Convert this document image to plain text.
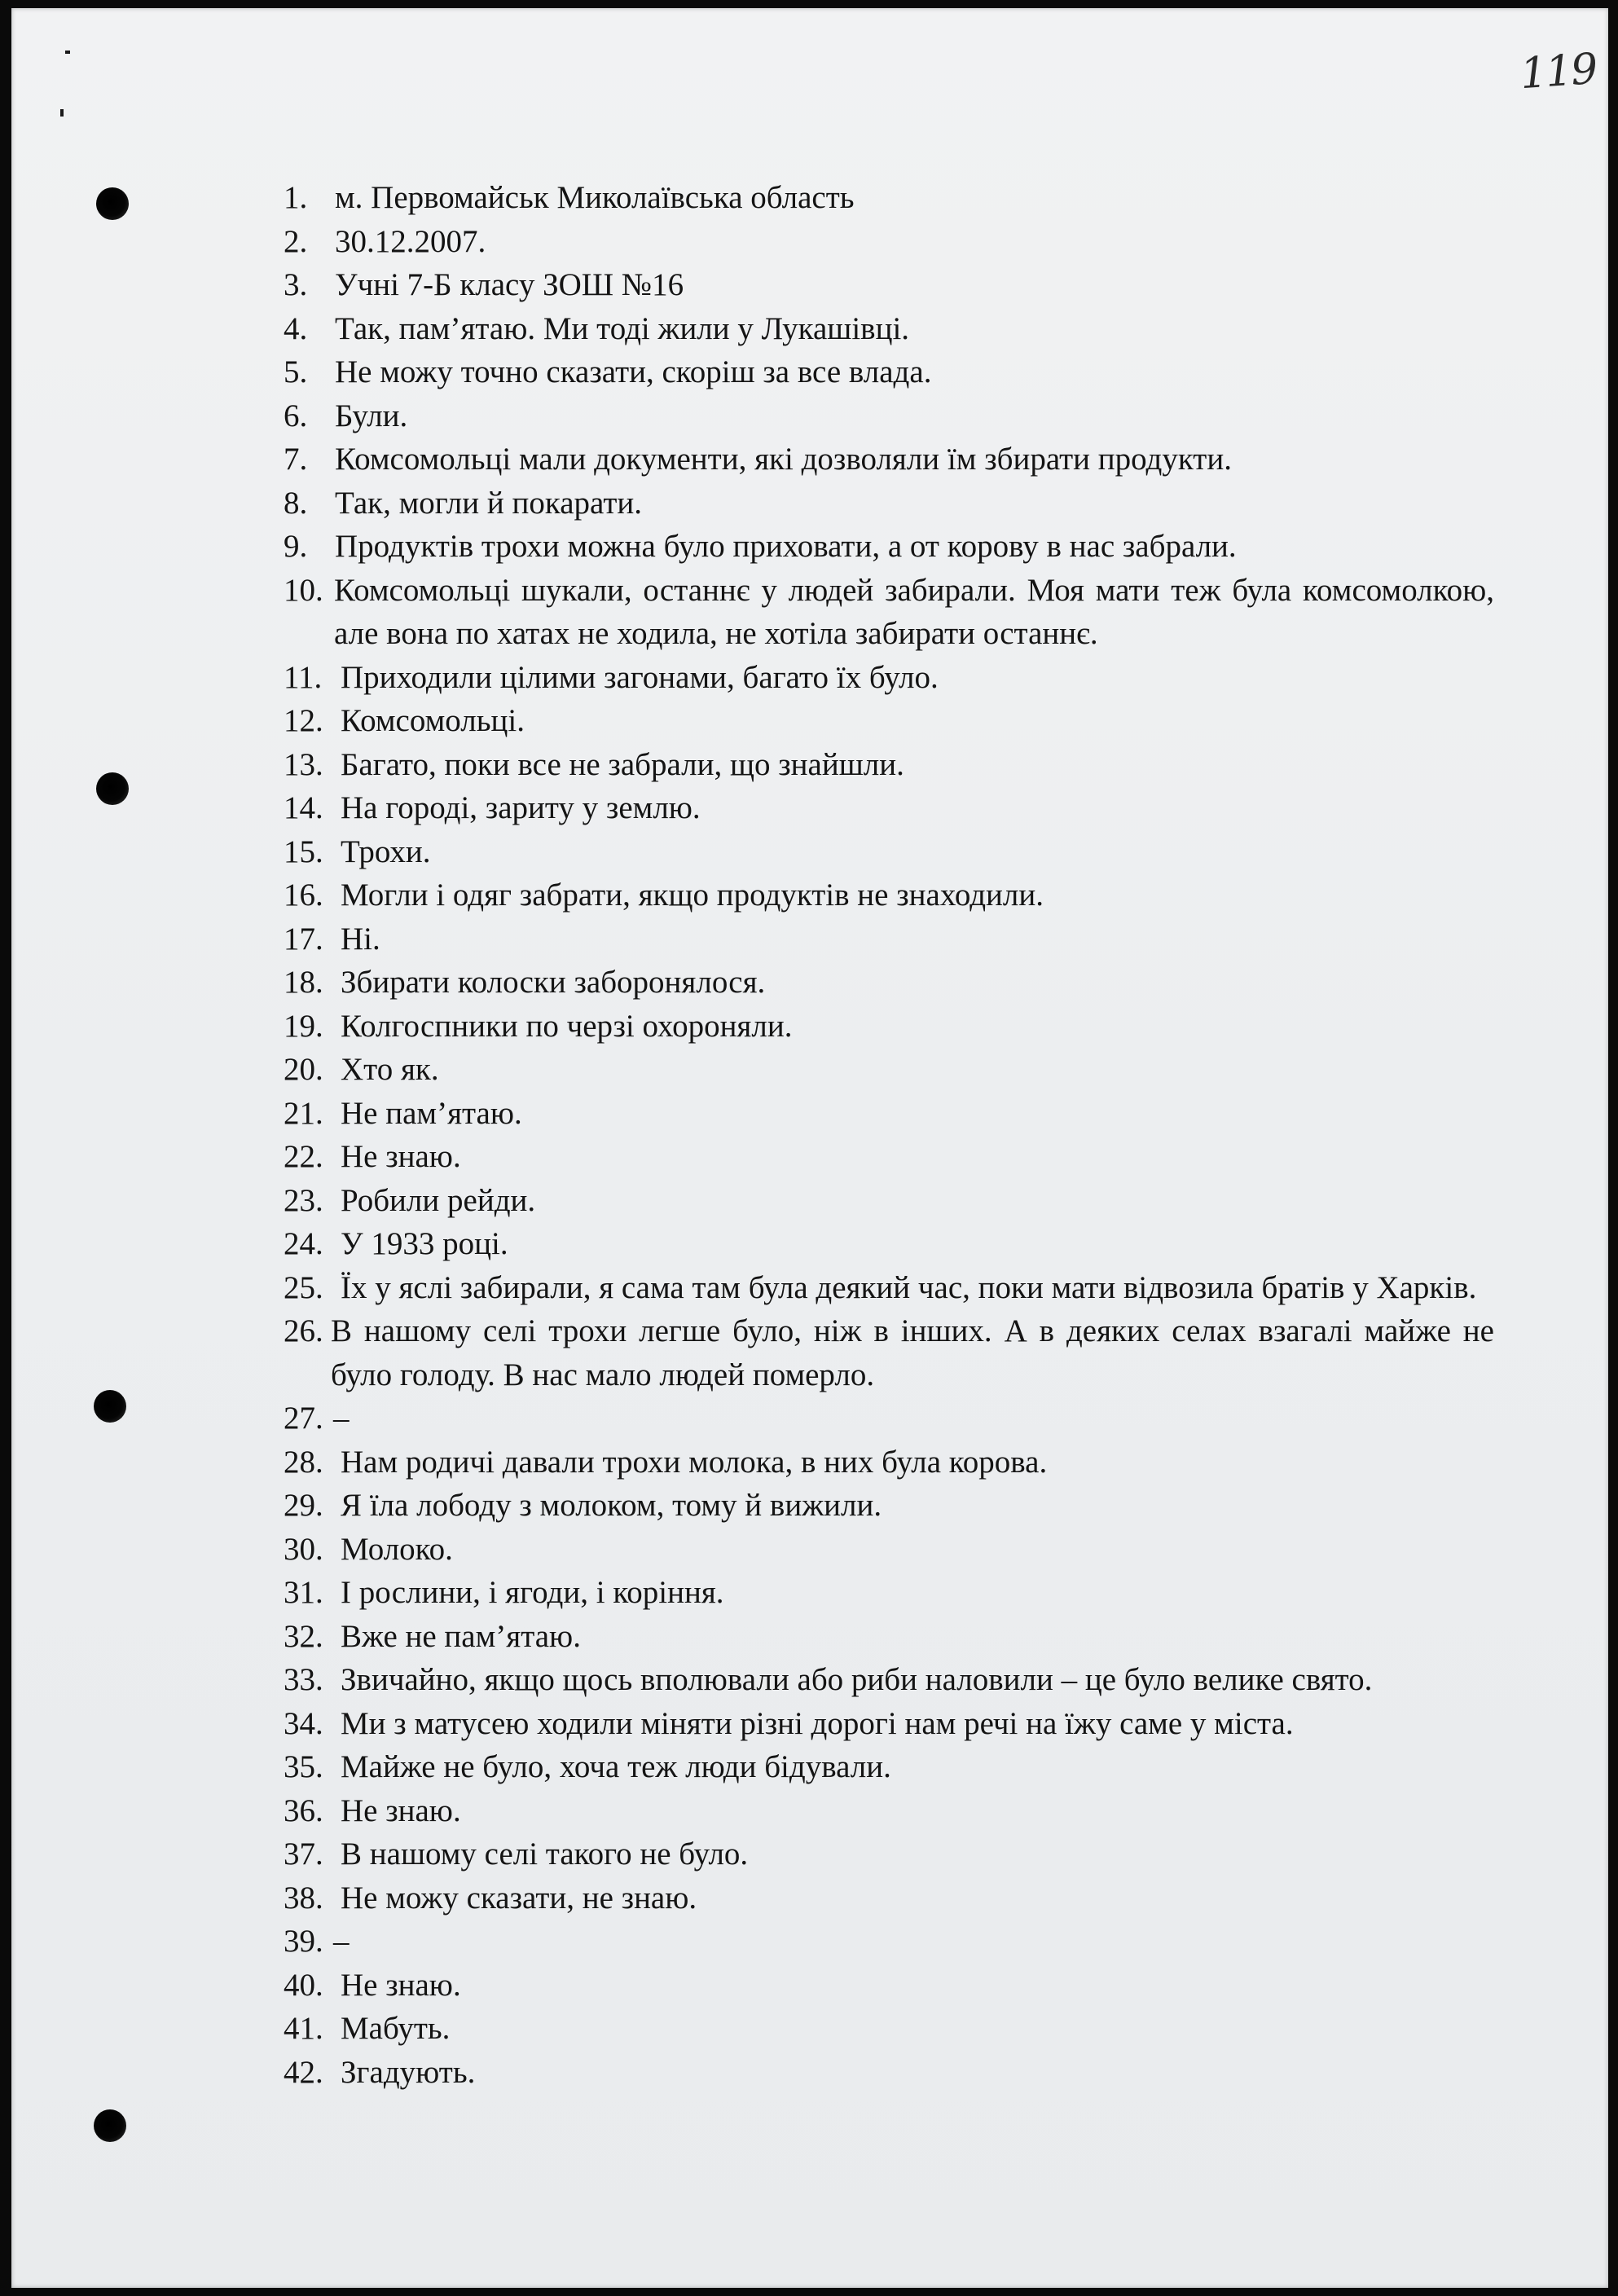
119
1. м. Первомайськ Миколаївська область
2. 30.12.2007.
3. Учні 7-Б класу ЗОШ №16
4. Так, пам’ятаю. Ми тоді жили у Лукашівці.
5. Не можу точно сказати, скоріш за все влада.
6. Були.
7. Комсомольці мали документи, які дозволяли їм збирати продукти.
8. Так, могли й покарати.
9. Продуктів трохи можна було приховати, а от корову в нас забрали.
10. Комсомольці шукали, останнє у людей забирали. Моя мати теж була комсомолкою, але вона по хатах не ходила, не хотіла забирати останнє.
11. Приходили цілими загонами, багато їх було.
12. Комсомольці.
13. Багато, поки все не забрали, що знайшли.
14. На городі, зариту у землю.
15. Трохи.
16. Могли і одяг забрати, якщо продуктів не знаходили.
17. Ні.
18. Збирати колоски заборонялося.
19. Колгоспники по черзі охороняли.
20. Хто як.
21. Не пам’ятаю.
22. Не знаю.
23. Робили рейди.
24. У 1933 році.
25. Їх у яслі забирали, я сама там була деякий час, поки мати відвозила братів у Харків.
26. В нашому селі трохи легше було, ніж в інших. А в деяких селах взагалі майже не було голоду. В нас мало людей померло.
27. –
28. Нам родичі давали трохи молока, в них була корова.
29. Я їла лободу з молоком, тому й вижили.
30. Молоко.
31. І рослини, і ягоди, і коріння.
32. Вже не пам’ятаю.
33. Звичайно, якщо щось вполювали або риби наловили – це було велике свято.
34. Ми з матусею ходили міняти різні дорогі нам речі на їжу саме у міста.
35. Майже не було, хоча теж люди бідували.
36. Не знаю.
37. В нашому селі такого не було.
38. Не можу сказати, не знаю.
39. –
40. Не знаю.
41. Мабуть.
42. Згадують.
